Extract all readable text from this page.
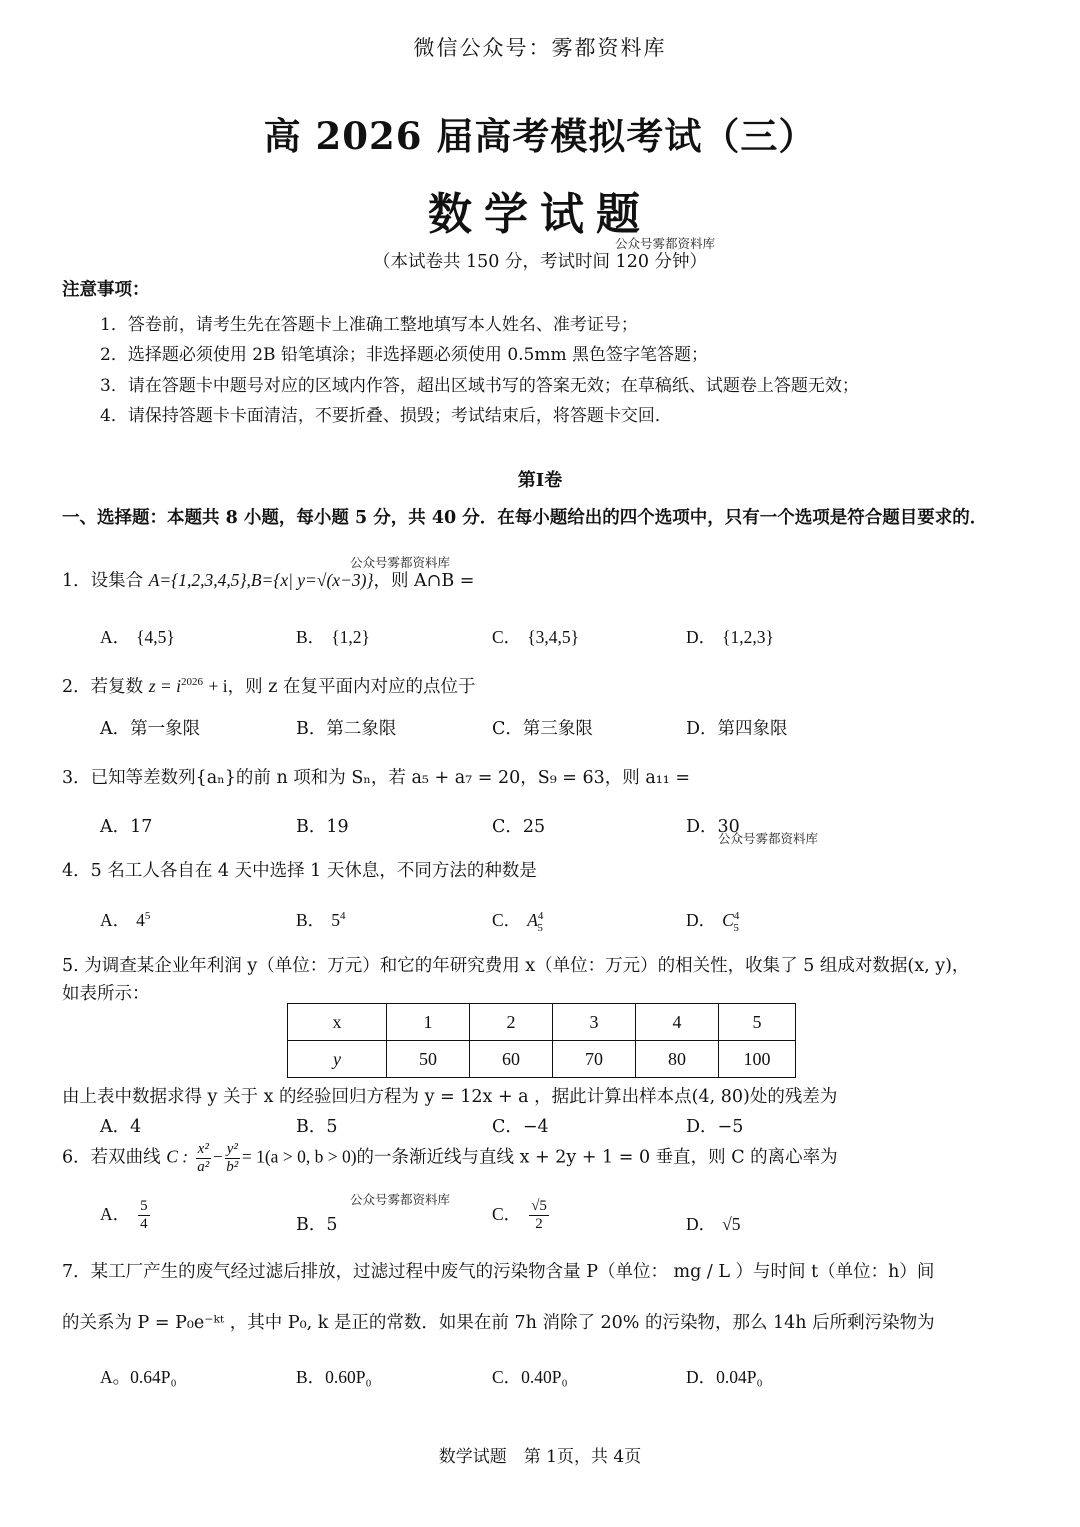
微信公众号：雾都资料库
高 2026 届高考模拟考试（三）
数学试题
公众号雾都资料库
（本试卷共 150 分，考试时间 120 分钟）
注意事项：
1．答卷前，请考生先在答题卡上准确工整地填写本人姓名、准考证号；
2．选择题必须使用 2B 铅笔填涂；非选择题必须使用 0.5mm 黑色签字笔答题；
3．请在答题卡中题号对应的区域内作答，超出区域书写的答案无效；在草稿纸、试题卷上答题无效；
4．请保持答题卡卡面清洁，不要折叠、损毁；考试结束后，将答题卡交回．
第Ⅰ卷
一、选择题：本题共 8 小题，每小题 5 分，共 40 分．在每小题给出的四个选项中，只有一个选项是符合题目要求的．
公众号雾都资料库
1．设集合 A={1,2,3,4,5},B={x| y=√(x−3)}，则 A∩B =
A． {4,5}	B． {1,2}	C． {3,4,5}	D． {1,2,3}
2．若复数 $z = i^{2026} + i$，则 z 在复平面内对应的点位于
A．第一象限	B．第二象限	C．第三象限	D．第四象限
3．已知等差数列{aₙ}的前 n 项和为 Sₙ，若 a₅ + a₇ = 20，S₉ = 63，则 a₁₁ =
A．17	B．19	C．25	D．30
公众号雾都资料库
4．5 名工人各自在 4 天中选择 1 天休息，不同方法的种数是
A． $4^5$	B． $5^4$	C． $A^4_5$	D． $C^4_5$
5. 为调查某企业年利润 y（单位：万元）和它的年研究费用 x（单位：万元）的相关性，收集了 5 组成对数据(x, y)，
如表所示：
x	1	2	3	4	5
y	50	60	70	80	100
由上表中数据求得 y 关于 x 的经验回归方程为 y = 12x + a ，据此计算出样本点(4, 80)处的残差为
A．4	B．5	C．−4	D．−5
6．若双曲线 C : $\frac{\text{x²}}{\text{a²}} - \frac{\text{y²}}{\text{b²}} = 1(a > 0$, b > 0)的一条渐近线与直线 x + 2y + 1 = 0 垂直，则 C 的离心率为
公众号雾都资料库
A． $\frac{5}{4}$	B．5
C． $\frac{√5}{2}$	D． √5
7．某工厂产生的废气经过滤后排放，过滤过程中废气的污染物含量 P（单位： mg / L ）与时间 t（单位：h）间
的关系为 P = P₀e⁻ᵏᵗ ，其中 P₀, k 是正的常数．如果在前 7h 消除了 20% 的污染物，那么 14h 后所剩污染物为
A。0.64P₀	B．0.60P₀	C．0.40P₀	D．0.04P₀
数学试题　第 1页，共 4页
